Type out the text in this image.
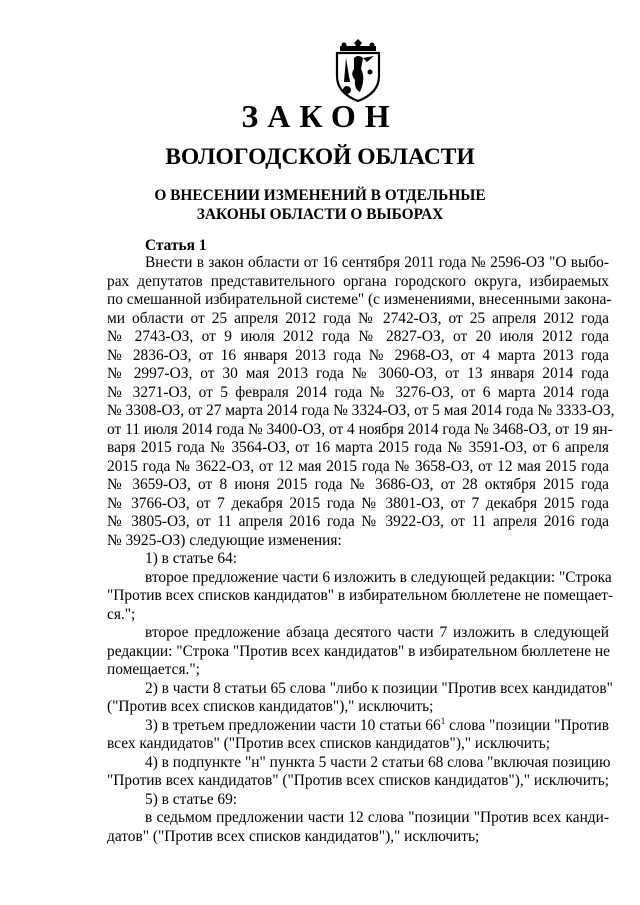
ЗАКОН
ВОЛОГОДСКОЙ ОБЛАСТИ
О ВНЕСЕНИИ ИЗМЕНЕНИЙ В ОТДЕЛЬНЫЕ
ЗАКОНЫ ОБЛАСТИ О ВЫБОРАХ
Статья 1
Внести в закон области от 16 сентября 2011 года № 2596-ОЗ "О выбо-
рах депутатов представительного органа городского округа, избираемых
по смешанной избирательной системе" (с изменениями, внесенными закона-
ми области от 25 апреля 2012 года № 2742-ОЗ, от 25 апреля 2012 года
№ 2743-ОЗ, от 9 июля 2012 года № 2827-ОЗ, от 20 июля 2012 года
№ 2836-ОЗ, от 16 января 2013 года № 2968-ОЗ, от 4 марта 2013 года
№ 2997-ОЗ, от 30 мая 2013 года № 3060-ОЗ, от 13 января 2014 года
№ 3271-ОЗ, от 5 февраля 2014 года № 3276-ОЗ, от 6 марта 2014 года
№ 3308-ОЗ, от 27 марта 2014 года № 3324-ОЗ, от 5 мая 2014 года № 3333-ОЗ,
от 11 июля 2014 года № 3400-ОЗ, от 4 ноября 2014 года № 3468-ОЗ, от 19 ян-
варя 2015 года № 3564-ОЗ, от 16 марта 2015 года № 3591-ОЗ, от 6 апреля
2015 года № 3622-ОЗ, от 12 мая 2015 года № 3658-ОЗ, от 12 мая 2015 года
№ 3659-ОЗ, от 8 июня 2015 года № 3686-ОЗ, от 28 октября 2015 года
№ 3766-ОЗ, от 7 декабря 2015 года № 3801-ОЗ, от 7 декабря 2015 года
№ 3805-ОЗ, от 11 апреля 2016 года № 3922-ОЗ, от 11 апреля 2016 года
№ 3925-ОЗ) следующие изменения:
1) в статье 64:
второе предложение части 6 изложить в следующей редакции: "Строка
"Против всех списков кандидатов" в избирательном бюллетене не помещает-
ся.";
второе предложение абзаца десятого части 7 изложить в следующей
редакции: "Строка "Против всех кандидатов" в избирательном бюллетене не
помещается.";
2) в части 8 статьи 65 слова "либо к позиции "Против всех кандидатов"
("Против всех списков кандидатов")," исключить;
3) в третьем предложении части 10 статьи $66^1$ слова "позиции "Против
всех кандидатов" ("Против всех списков кандидатов")," исключить;
4) в подпункте "н" пункта 5 части 2 статьи 68 слова "включая позицию
"Против всех кандидатов" ("Против всех списков кандидатов")," исключить;
5) в статье 69:
в седьмом предложении части 12 слова "позиции "Против всех канди-
датов" ("Против всех списков кандидатов")," исключить;
